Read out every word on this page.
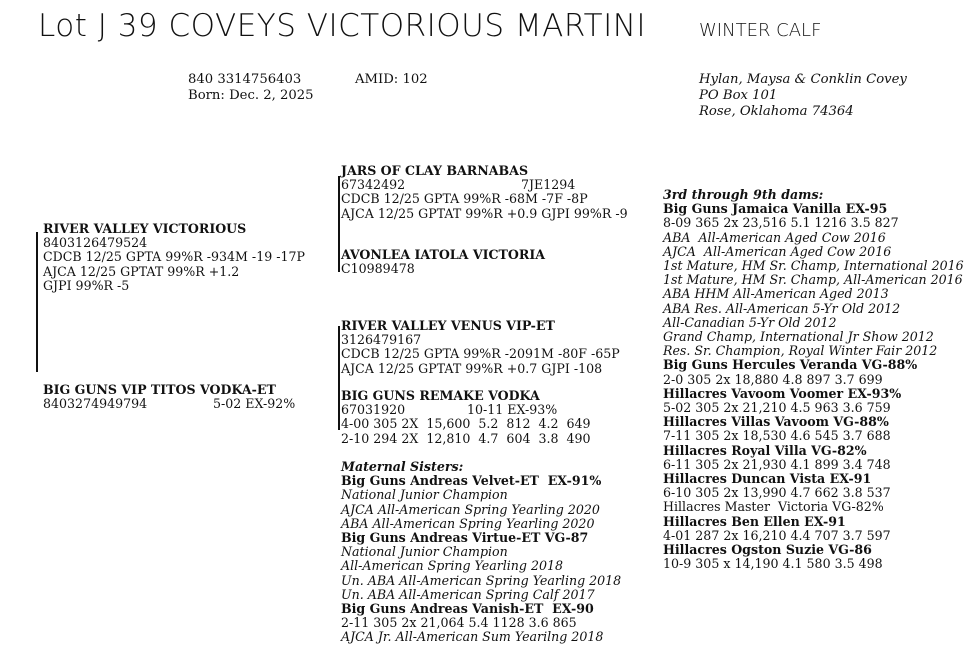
Lot J 39 COVEYS VICTORIOUS MARTINI	WINTER CALF
840 3314756403
Born: Dec. 2, 2025
AMID: 102	Hylan, Maysa & Conklin Covey
PO Box 101
Rose, Oklahoma 74364
RIVER VALLEY VICTORIOUS
8403126479524
CDCB 12/25 GPTA 99%R -934M -19 -17P
AJCA 12/25 GPTAT 99%R +1.2
GJPI 99%R -5
BIG GUNS VIP TITOS VODKA-ET
8403274949794	5-02 EX-92%
JARS OF CLAY BARNABAS
67342492	7JE1294
CDCB 12/25 GPTA 99%R -68M -7F -8P
AJCA 12/25 GPTAT 99%R +0.9 GJPI 99%R -9
AVONLEA IATOLA VICTORIA
C10989478
RIVER VALLEY VENUS VIP-ET
3126479167
CDCB 12/25 GPTA 99%R -2091M -80F -65P
AJCA 12/25 GPTAT 99%R +0.7 GJPI -108
BIG GUNS REMAKE VODKA
67031920	10-11 EX-93%
4-00 305 2X  15,600  5.2  812  4.2  649
2-10 294 2X  12,810  4.7  604  3.8  490
Maternal Sisters:
Big Guns Andreas Velvet-ET  EX-91%
National Junior Champion
AJCA All-American Spring Yearling 2020
ABA All-American Spring Yearling 2020
Big Guns Andreas Virtue-ET VG-87
National Junior Champion
All-American Spring Yearling 2018
Un. ABA All-American Spring Yearling 2018
Un. ABA All-American Spring Calf 2017
Big Guns Andreas Vanish-ET  EX-90
2-11 305 2x 21,064 5.4 1128 3.6 865
AJCA Jr. All-American Sum Yearilng 2018
3rd through 9th dams:
Big Guns Jamaica Vanilla EX-95
8-09 365 2x 23,516 5.1 1216 3.5 827
ABA  All-American Aged Cow 2016
AJCA  All-American Aged Cow 2016
1st Mature, HM Sr. Champ, International 2016
1st Mature, HM Sr. Champ, All-American 2016
ABA HHM All-American Aged 2013
ABA Res. All-American 5-Yr Old 2012
All-Canadian 5-Yr Old 2012
Grand Champ, International Jr Show 2012
Res. Sr. Champion, Royal Winter Fair 2012
Big Guns Hercules Veranda VG-88%
2-0 305 2x 18,880 4.8 897 3.7 699
Hillacres Vavoom Voomer EX-93%
5-02 305 2x 21,210 4.5 963 3.6 759
Hillacres Villas Vavoom VG-88%
7-11 305 2x 18,530 4.6 545 3.7 688
Hillacres Royal Villa VG-82%
6-11 305 2x 21,930 4.1 899 3.4 748
Hillacres Duncan Vista EX-91
6-10 305 2x 13,990 4.7 662 3.8 537
Hillacres Master  Victoria VG-82%
Hillacres Ben Ellen EX-91
4-01 287 2x 16,210 4.4 707 3.7 597
Hillacres Ogston Suzie VG-86
10-9 305 x 14,190 4.1 580 3.5 498
